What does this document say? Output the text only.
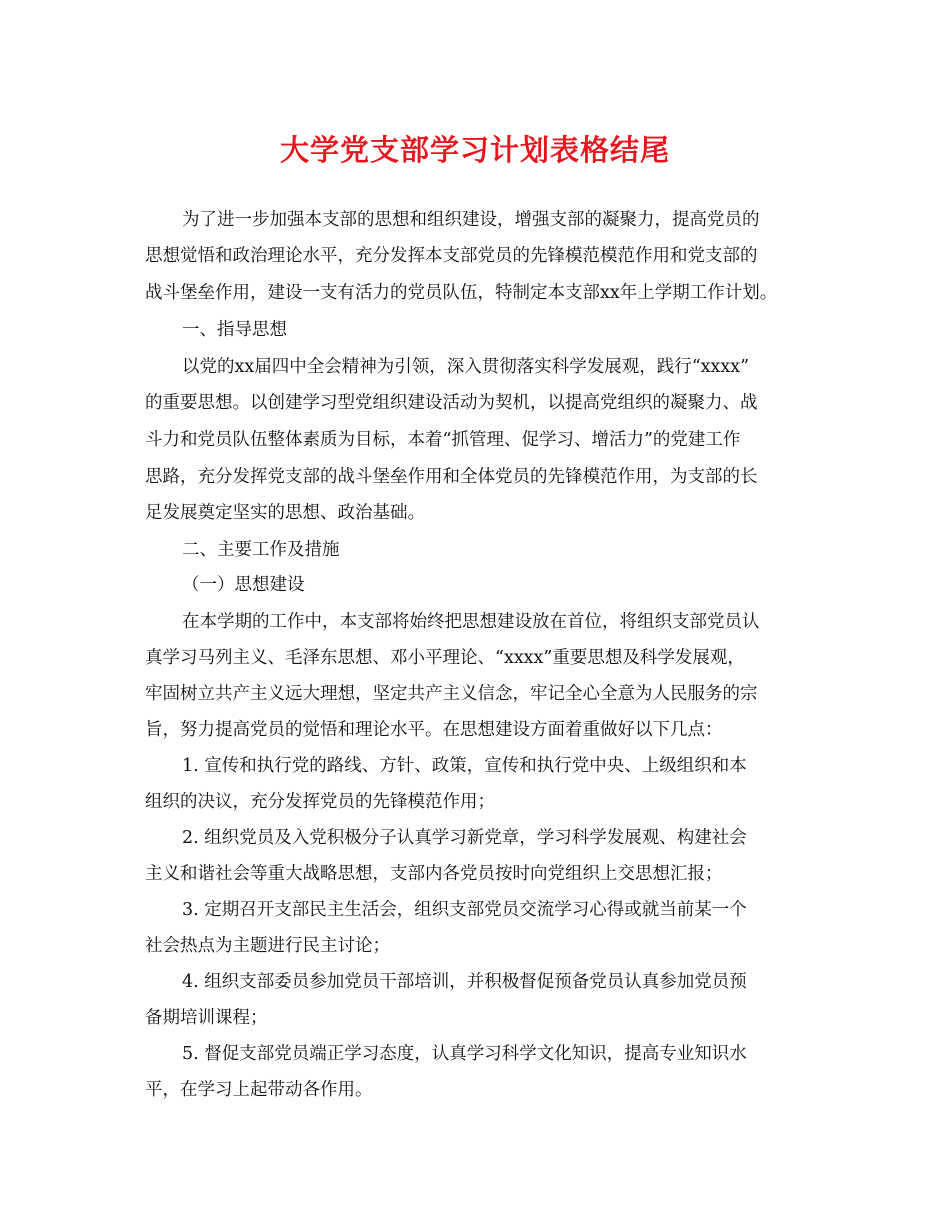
大学党支部学习计划表格结尾

为了进一步加强本支部的思想和组织建设，增强支部的凝聚力，提高党员的

思想觉悟和政治理论水平，充分发挥本支部党员的先锋模范模范作用和党支部的

战斗堡垒作用，建设一支有活力的党员队伍，特制定本支部xx年上学期工作计划。

一、指导思想

以党的xx届四中全会精神为引领，深入贯彻落实科学发展观，践行“xxxx”

的重要思想。以创建学习型党组织建设活动为契机，以提高党组织的凝聚力、战

斗力和党员队伍整体素质为目标，本着“抓管理、促学习、增活力”的党建工作

思路，充分发挥党支部的战斗堡垒作用和全体党员的先锋模范作用，为支部的长

足发展奠定坚实的思想、政治基础。

二、主要工作及措施

（一）思想建设

在本学期的工作中，本支部将始终把思想建设放在首位，将组织支部党员认

真学习马列主义、毛泽东思想、邓小平理论、“xxxx”重要思想及科学发展观，

牢固树立共产主义远大理想，坚定共产主义信念，牢记全心全意为人民服务的宗

旨，努力提高党员的觉悟和理论水平。在思想建设方面着重做好以下几点：

1. 宣传和执行党的路线、方针、政策，宣传和执行党中央、上级组织和本

组织的决议，充分发挥党员的先锋模范作用；

2. 组织党员及入党积极分子认真学习新党章，学习科学发展观、构建社会

主义和谐社会等重大战略思想，支部内各党员按时向党组织上交思想汇报；

3. 定期召开支部民主生活会，组织支部党员交流学习心得或就当前某一个

社会热点为主题进行民主讨论；

4. 组织支部委员参加党员干部培训，并积极督促预备党员认真参加党员预

备期培训课程；

5. 督促支部党员端正学习态度，认真学习科学文化知识，提高专业知识水

平，在学习上起带动各作用。
